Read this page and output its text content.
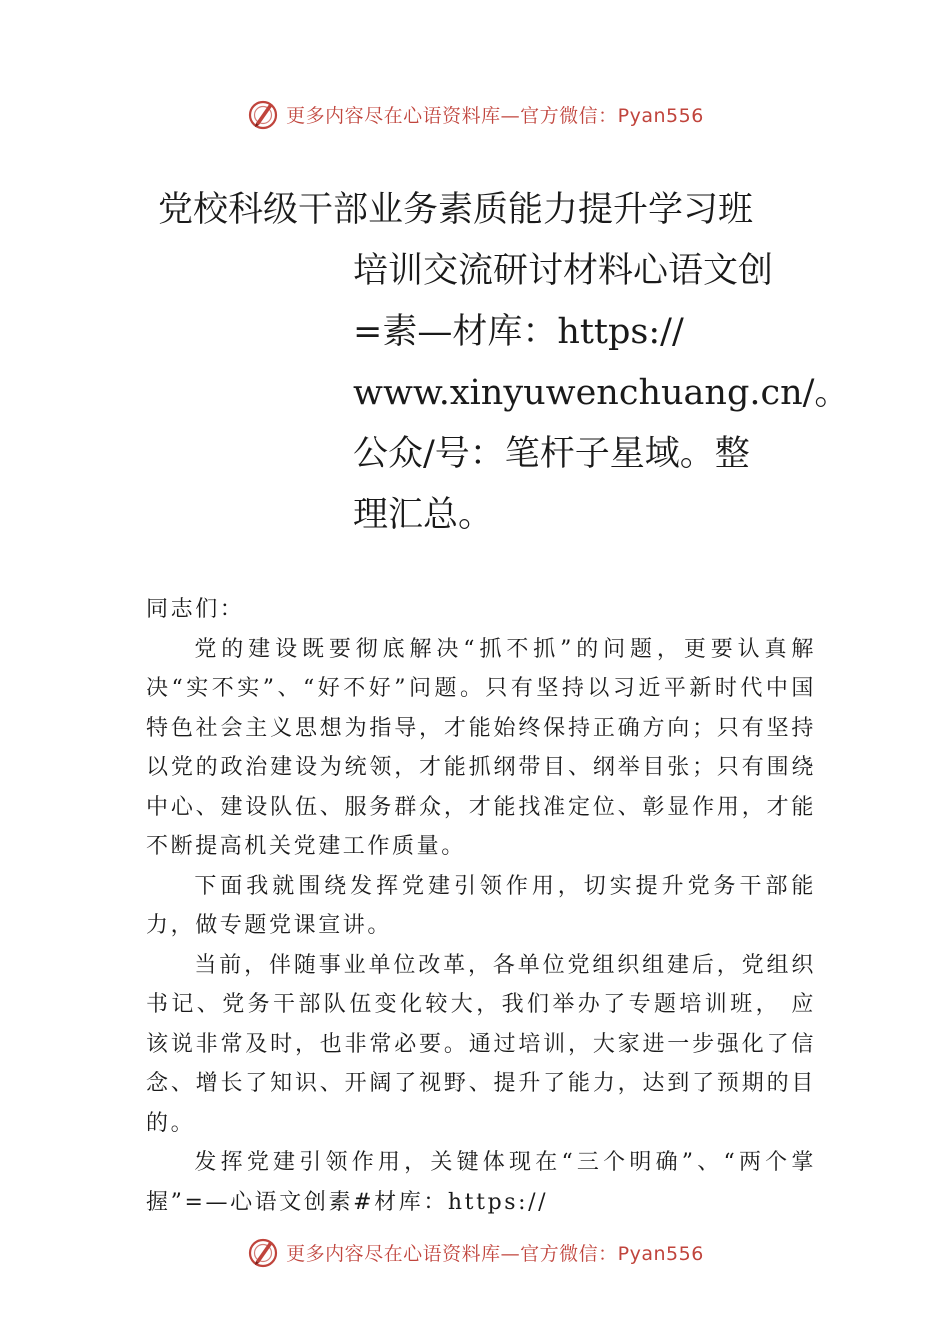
更多内容尽在心语资料库—官方微信：Pyan556
党校科级干部业务素质能力提升学习班
培训交流研讨材料心语文创
=素—材库：https://
www.xinyuwenchuang.cn/。
公众/号：笔杆子星域。整
理汇总。

同志们：

党的建设既要彻底解决“抓不抓”的问题，更要认真解决“实不实”、“好不好”问题。只有坚持以习近平新时代中国特色社会主义思想为指导，才能始终保持正确方向；只有坚持以党的政治建设为统领，才能抓纲带目、纲举目张；只有围绕中心、建设队伍、服务群众，才能找准定位、彰显作用，才能不断提高机关党建工作质量。

下面我就围绕发挥党建引领作用，切实提升党务干部能力，做专题党课宣讲。

当前，伴随事业单位改革，各单位党组织组建后，党组织书记、党务干部队伍变化较大，我们举办了专题培训班， 应该说非常及时，也非常必要。通过培训，大家进一步强化了信念、增长了知识、开阔了视野、提升了能力，达到了预期的目的。

发挥党建引领作用，关键体现在“三个明确”、“两个掌握”=—心语文创素#材库：https://

更多内容尽在心语资料库—官方微信：Pyan556
